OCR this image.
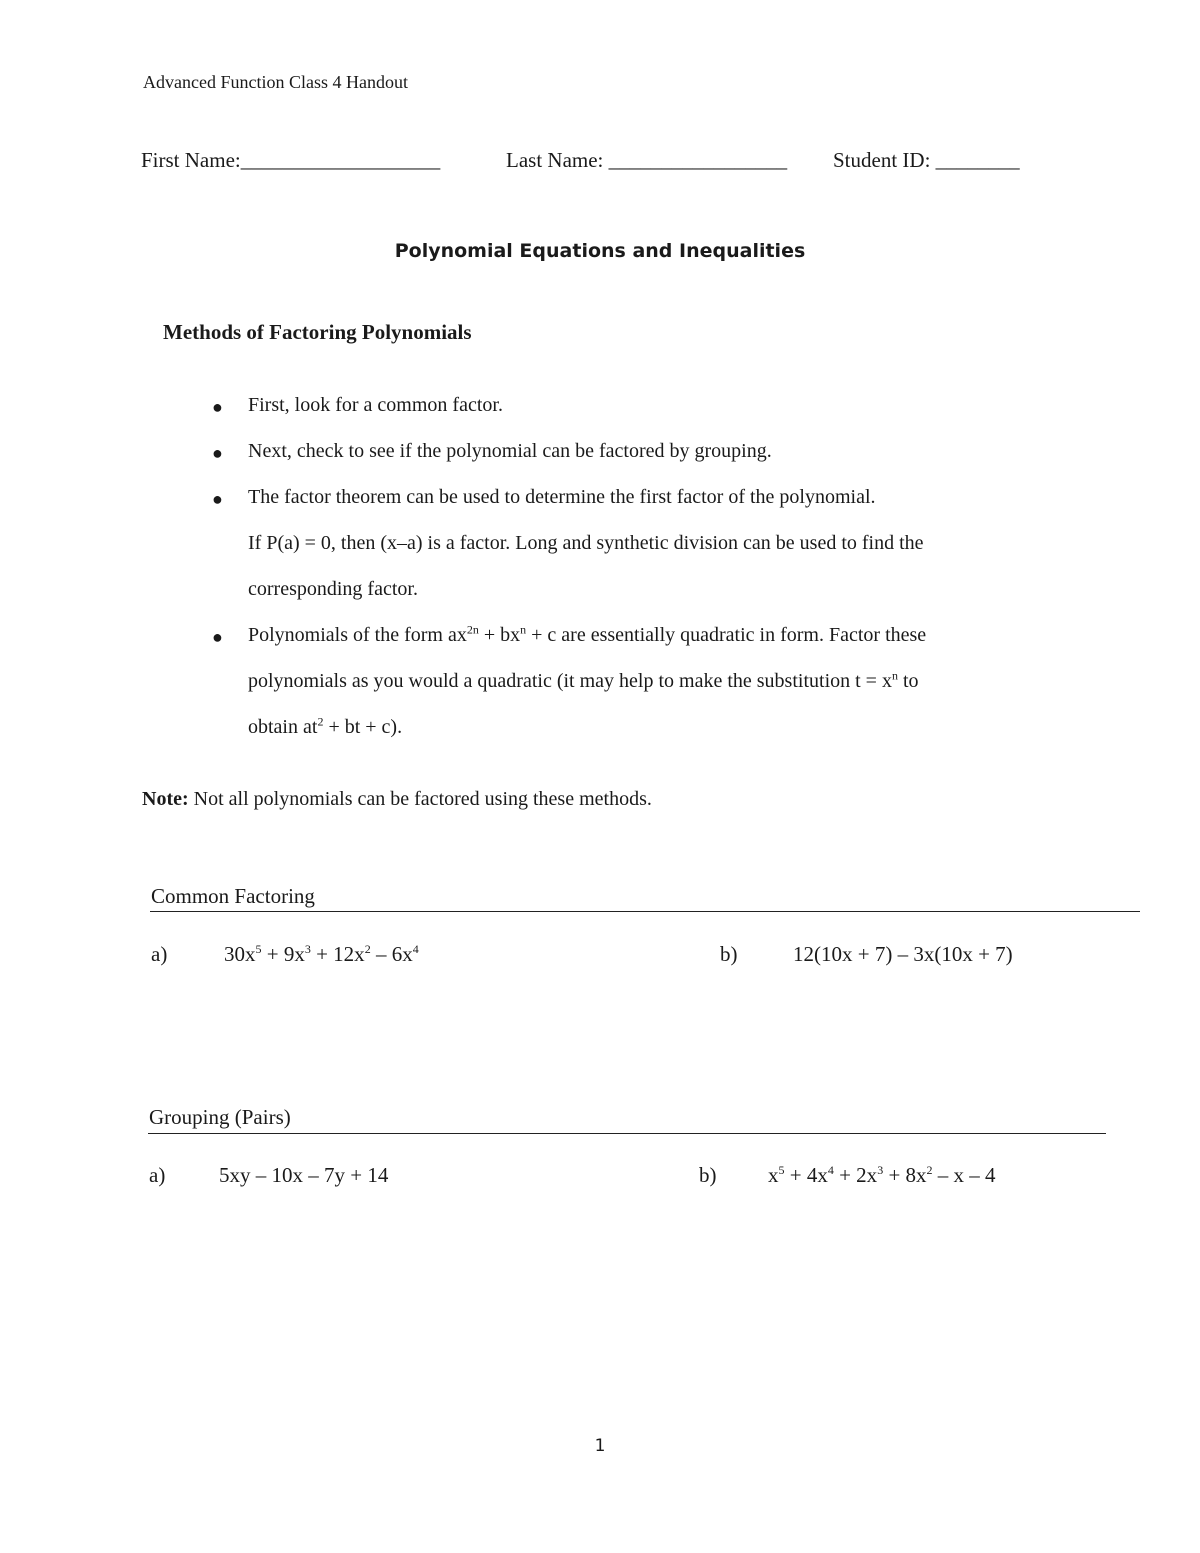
Advanced Function Class 4 Handout
First Name:___________________	Last Name: _________________ Student ID: ________
Polynomial Equations and Inequalities
Methods of Factoring Polynomials
● First, look for a common factor.
● Next, check to see if the polynomial can be factored by grouping.
● The factor theorem can be used to determine the first factor of the polynomial.
If P(a) = 0, then (x–a) is a factor. Long and synthetic division can be used to find the
corresponding factor.
● Polynomials of the form $ax^{2n} + bx^n + c$ are essentially quadratic in form. Factor these
polynomials as you would a quadratic (it may help to make the substitution $t = x^n$ to
obtain $at^2$ + bt + c).
Note: Not all polynomials can be factored using these methods.
Common Factoring
a)	$30x^5 + 9x^3 + 12x^2 - 6x^4$	b)	12(10x + 7) – 3x(10x + 7)
Grouping (Pairs)
a)	5xy – 10x – 7y + 14	b) $x^5 + 4x^4 + 2x^3 + 8x^2 - x - 4$
1
